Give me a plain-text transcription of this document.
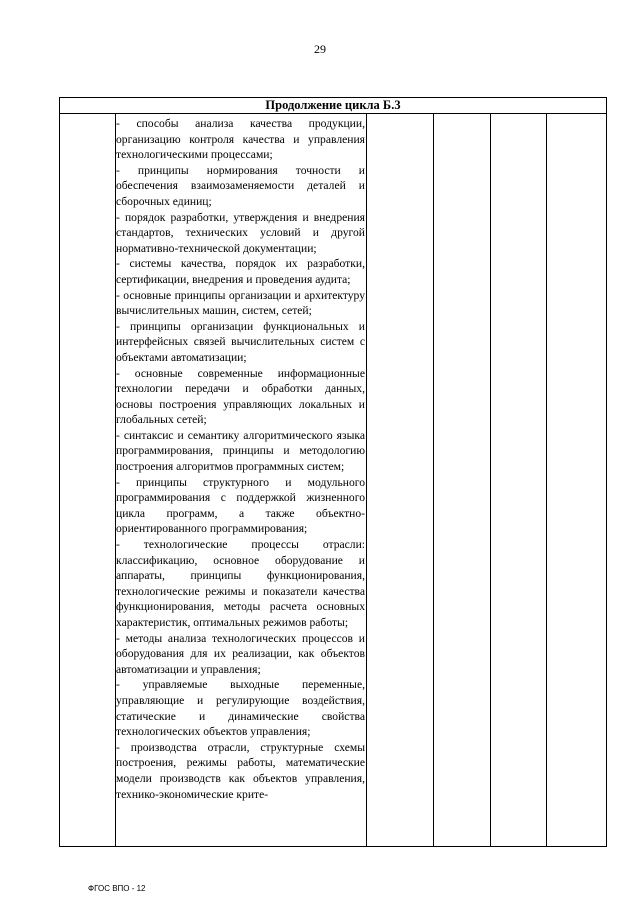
29
Продолжение цикла Б.3

- способы анализа качества продукции, организацию контроля качества и управления технологическими процессами;

- принципы нормирования точности и обеспечения взаимозаменяемости деталей и сборочных единиц;

- порядок разработки, утверждения и внедрения стандартов, технических условий и другой нормативно-технической документации;

- системы качества, порядок их разработки, сертификации, внедрения и проведения аудита;

- основные принципы организации и архитектуру вычислительных машин, систем, сетей;

- принципы организации функциональных и интерфейсных связей вычислительных систем с объектами автоматизации;

- основные современные информационные технологии передачи и обработки данных, основы построения управляющих локальных и глобальных сетей;

- синтаксис и семантику алгоритмического языка программирования, принципы и методологию построения алгоритмов программных систем;

- принципы структурного и модульного программирования с поддержкой жизненного цикла программ, а также объектно-ориентированного программирования;

- технологические процессы отрасли: классификацию, основное оборудование и аппараты, принципы функционирования, технологические режимы и показатели качества функционирования, методы расчета основных характеристик, оптимальных режимов работы;

- методы анализа технологических процессов и оборудования для их реализации, как объектов автоматизации и управления;

- управляемые выходные переменные, управляющие и регулирующие воздействия, статические и динамические свойства технологических объектов управления;

- производства отрасли, структурные схемы построения, режимы работы, математические модели производств как объектов управления, технико-экономические крите-

ФГОС ВПО - 12
